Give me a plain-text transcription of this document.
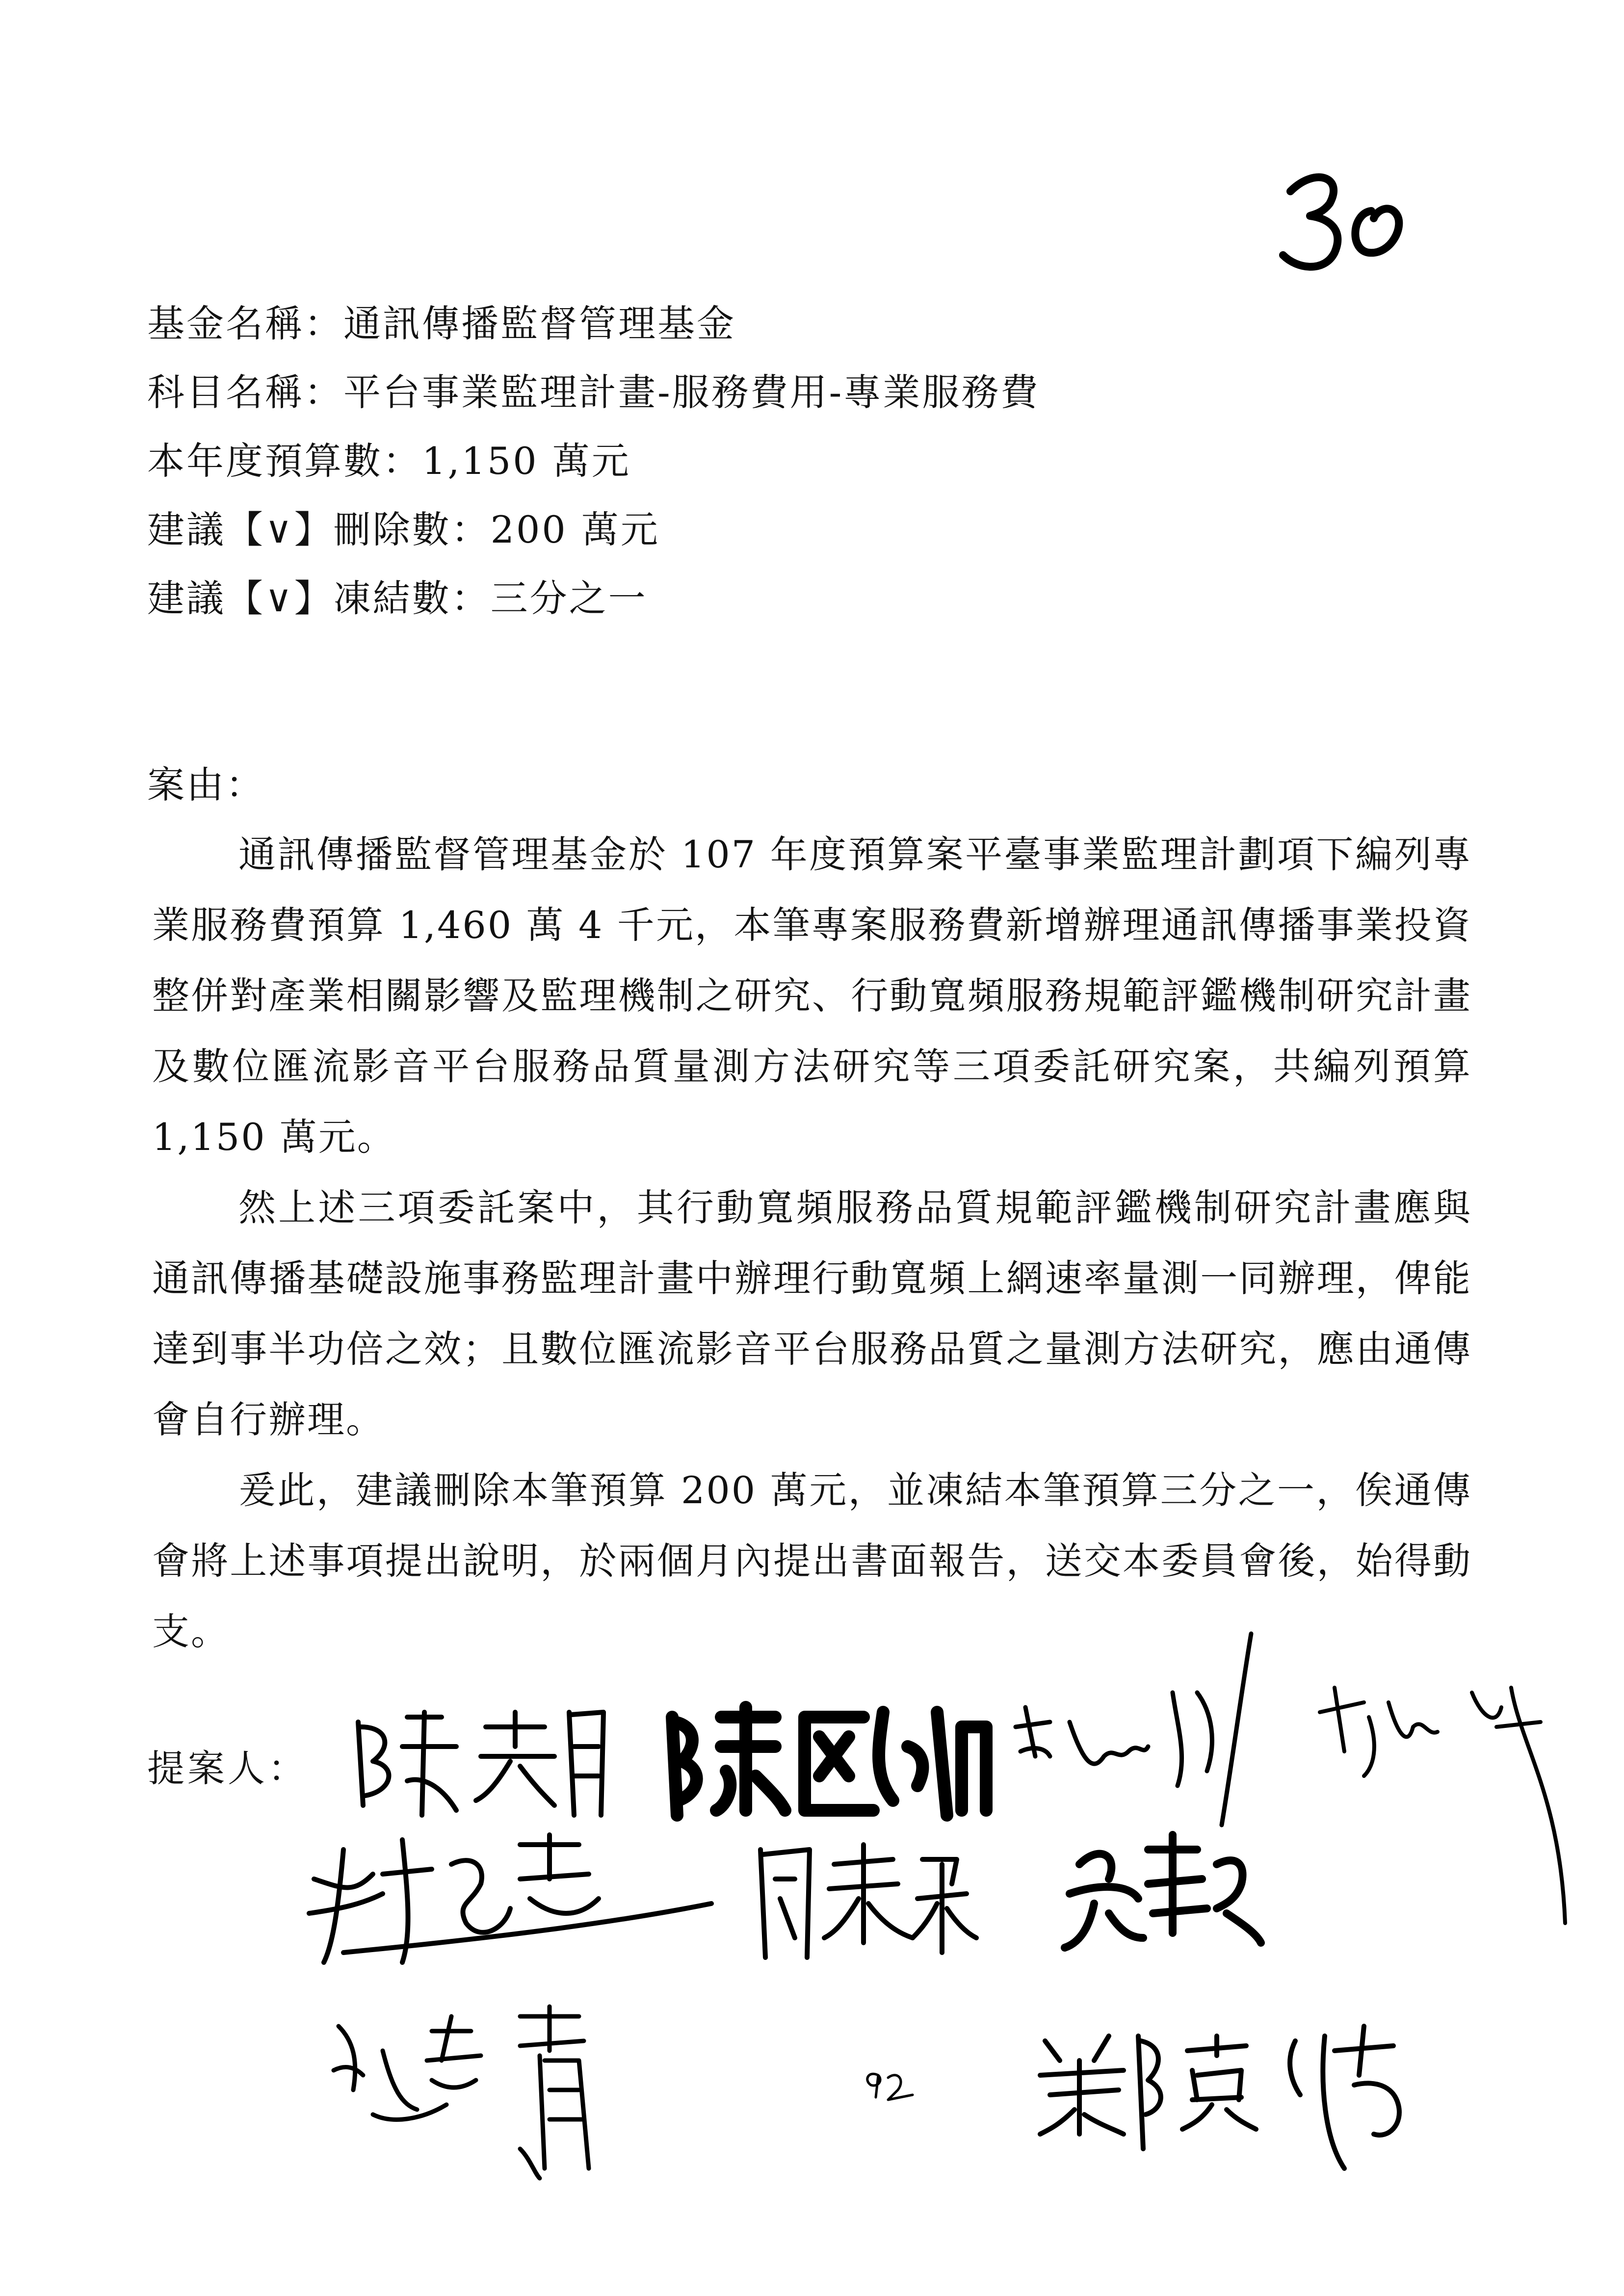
基金名稱：通訊傳播監督管理基金
科目名稱：平台事業監理計畫-服務費用-專業服務費
本年度預算數：1,150 萬元
建議【∨】刪除數：200 萬元
建議【∨】凍結數：三分之一
案由：

通訊傳播監督管理基金於 107 年度預算案平臺事業監理計劃項下編列專業服務費預算 1,460 萬 4 千元，本筆專案服務費新增辦理通訊傳播事業投資整併對產業相關影響及監理機制之研究、行動寬頻服務規範評鑑機制研究計畫及數位匯流影音平台服務品質量測方法研究等三項委託研究案，共編列預算 1,150 萬元。

然上述三項委託案中，其行動寬頻服務品質規範評鑑機制研究計畫應與通訊傳播基礎設施事務監理計畫中辦理行動寬頻上網速率量測一同辦理，俾能達到事半功倍之效；且數位匯流影音平台服務品質之量測方法研究，應由通傳會自行辦理。

爰此，建議刪除本筆預算 200 萬元，並凍結本筆預算三分之一，俟通傳會將上述事項提出說明，於兩個月內提出書面報告，送交本委員會後，始得動支。

提案人：
